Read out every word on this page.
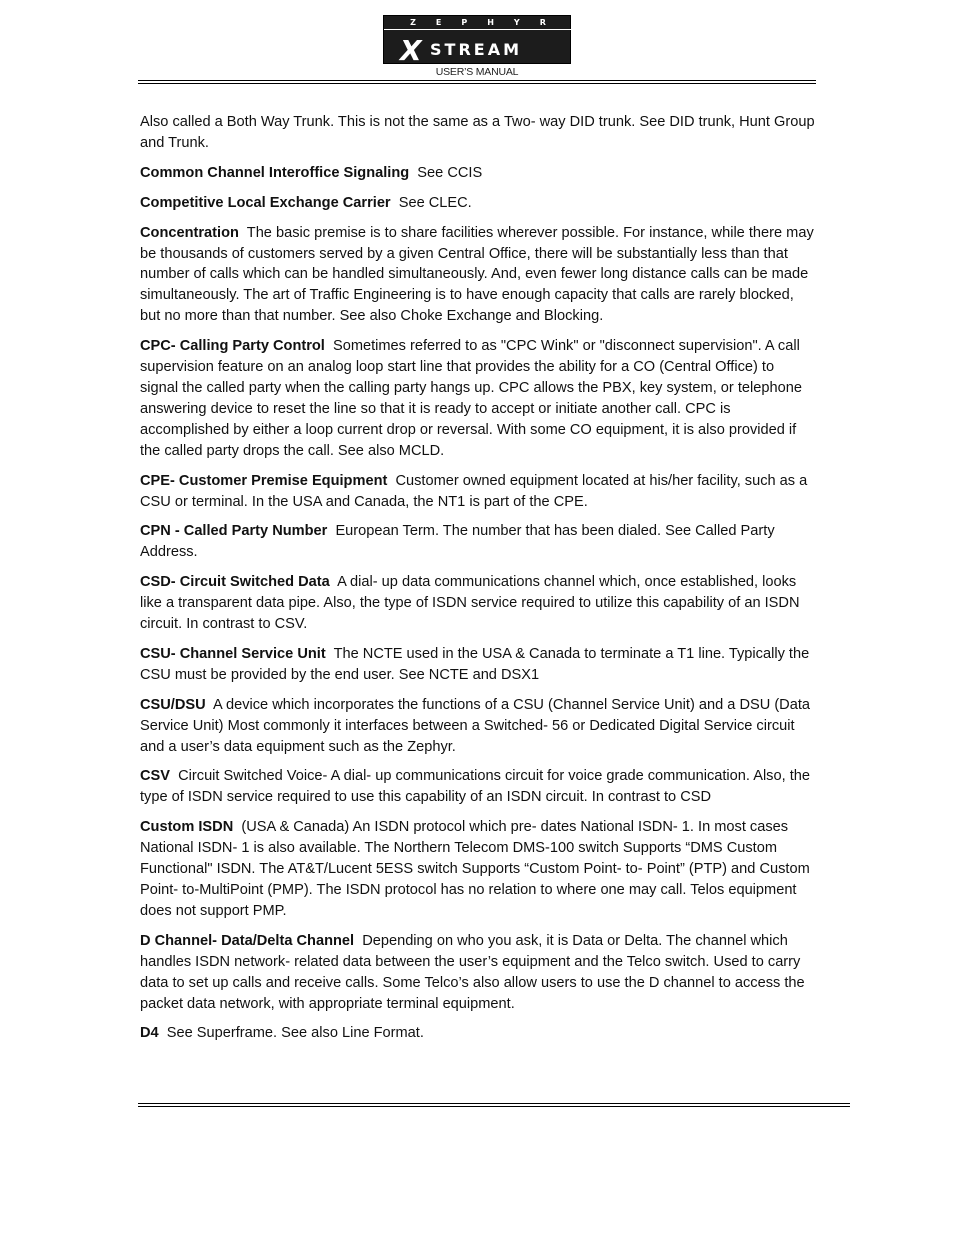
ZEPHYR
X STREAM
USER’S MANUAL

Also called a Both Way Trunk. This is not the same as a Two- way DID trunk. See DID trunk, Hunt Group and Trunk.

Common Channel Interoffice Signaling See CCIS

Competitive Local Exchange Carrier See CLEC.

Concentration The basic premise is to share facilities wherever possible. For instance, while there may be thousands of customers served by a given Central Office, there will be substantially less than that number of calls which can be handled simultaneously. And, even fewer long distance calls can be made simultaneously. The art of Traffic Engineering is to have enough capacity that calls are rarely blocked, but no more than that number. See also Choke Exchange and Blocking.

CPC- Calling Party Control Sometimes referred to as "CPC Wink" or "disconnect supervision". A call supervision feature on an analog loop start line that provides the ability for a CO (Central Office) to signal the called party when the calling party hangs up. CPC allows the PBX, key system, or telephone answering device to reset the line so that it is ready to accept or initiate another call. CPC is accomplished by either a loop current drop or reversal. With some CO equipment, it is also provided if the called party drops the call. See also MCLD.

CPE- Customer Premise Equipment Customer owned equipment located at his/her facility, such as a CSU or terminal. In the USA and Canada, the NT1 is part of the CPE.

CPN - Called Party Number  European Term. The number that has been dialed. See Called Party Address.

CSD- Circuit Switched Data A dial- up data communications channel which, once established, looks like a transparent data pipe. Also, the type of ISDN service required to utilize this capability of an ISDN circuit. In contrast to CSV.

CSU- Channel Service Unit The NCTE used in the USA & Canada to terminate a T1 line. Typically the CSU must be provided by the end user. See NCTE and DSX1

CSU/DSU A device which incorporates the functions of a CSU (Channel Service Unit) and a DSU (Data Service Unit) Most commonly it interfaces between a Switched- 56 or Dedicated Digital Service circuit and a user’s data equipment such as the Zephyr.

CSV Circuit Switched Voice- A dial- up communications circuit for voice grade communication. Also, the type of ISDN service required to use this capability of an ISDN circuit. In contrast to CSD

Custom ISDN (USA & Canada) An ISDN protocol which pre- dates National ISDN- 1. In most cases National ISDN- 1 is also available. The Northern Telecom DMS-100 switch Supports “DMS Custom Functional" ISDN. The AT&T/Lucent 5ESS switch Supports “Custom Point- to- Point” (PTP) and Custom Point- to-MultiPoint (PMP). The ISDN protocol has no relation to where one may call. Telos equipment does not support PMP.

D Channel- Data/Delta Channel Depending on who you ask, it is Data or Delta. The channel which handles ISDN network- related data between the user’s equipment and the Telco switch. Used to carry data to set up calls and receive calls. Some Telco’s also allow users to use the D channel to access the packet data network, with appropriate terminal equipment.

D4 See Superframe. See also Line Format.
